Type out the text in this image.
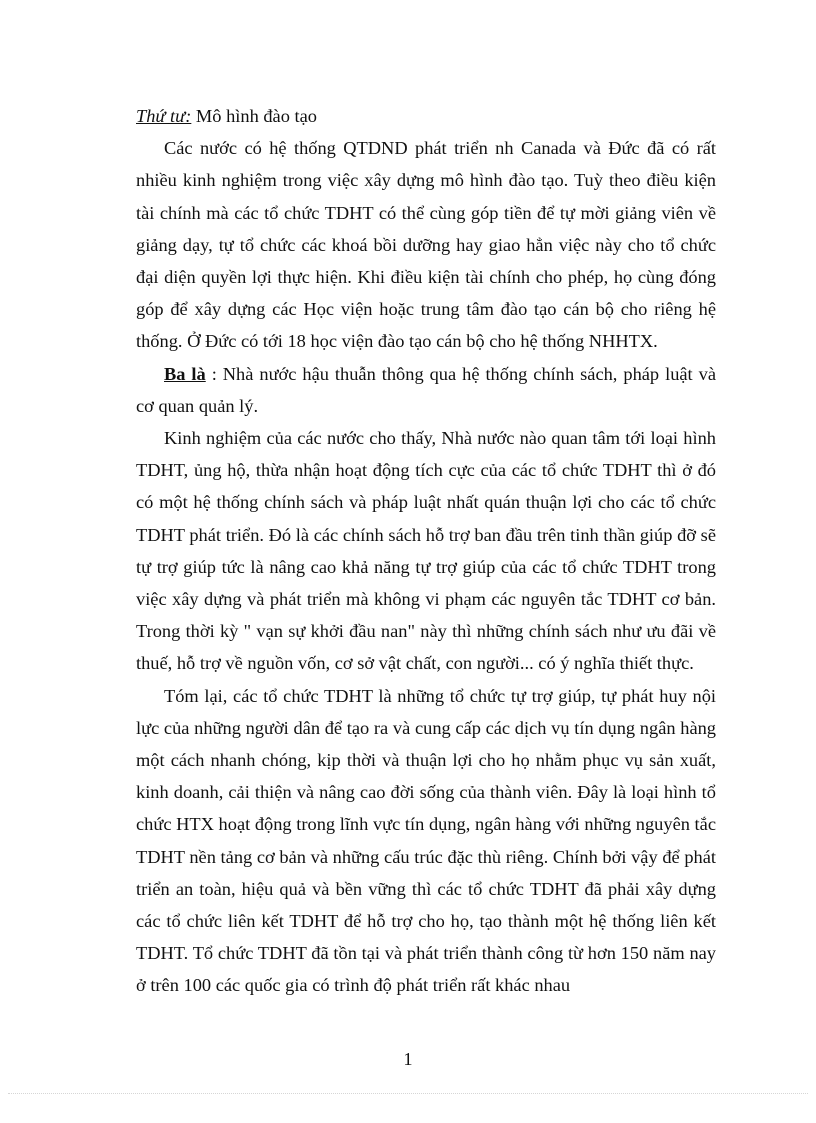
Thứ tư: Mô hình đào tạo

Các nước có hệ thống QTDND phát triển nh Canada và Đức đã có rất nhiều kinh nghiệm trong việc xây dựng mô hình đào tạo. Tuỳ theo điều kiện tài chính mà các tổ chức TDHT có thể cùng góp tiền để tự mời giảng viên về giảng dạy, tự tổ chức các khoá bồi dưỡng hay giao hẳn việc này cho tổ chức đại diện quyền lợi thực hiện. Khi điều kiện tài chính cho phép, họ cùng đóng góp để xây dựng các Học viện hoặc trung tâm đào tạo cán bộ cho riêng hệ thống. Ở Đức có tới 18 học viện đào tạo cán bộ cho hệ thống NHHTX.

Ba là : Nhà nước hậu thuẫn thông qua hệ thống chính sách, pháp luật và cơ quan quản lý.

Kinh nghiệm của các nước cho thấy, Nhà nước nào quan tâm tới loại hình TDHT, ủng hộ, thừa nhận hoạt động tích cực của các tổ chức TDHT thì ở đó có một hệ thống chính sách và pháp luật nhất quán thuận lợi cho các tổ chức TDHT phát triển. Đó là các chính sách hỗ trợ ban đầu trên tinh thần giúp đỡ sẽ tự trợ giúp tức là nâng cao khả năng tự trợ giúp của các tổ chức TDHT trong việc xây dựng và phát triển mà không vi phạm các nguyên tắc TDHT cơ bản. Trong thời kỳ " vạn sự khởi đầu nan" này thì những chính sách như ưu đãi về thuế, hỗ trợ về nguồn vốn, cơ sở vật chất, con người... có ý nghĩa thiết thực.

Tóm lại, các tổ chức TDHT là những tổ chức tự trợ giúp, tự phát huy nội lực của những người dân để tạo ra và cung cấp các dịch vụ tín dụng ngân hàng một cách nhanh chóng, kịp thời và thuận lợi cho họ nhằm phục vụ sản xuất, kinh doanh, cải thiện và nâng cao đời sống của thành viên. Đây là loại hình tổ chức HTX hoạt động trong lĩnh vực tín dụng, ngân hàng với những nguyên tắc TDHT nền tảng cơ bản và những cấu trúc đặc thù riêng. Chính bởi vậy để phát triển an toàn, hiệu quả và bền vững thì các tổ chức TDHT đã phải xây dựng các tổ chức liên kết TDHT để hỗ trợ cho họ, tạo thành một hệ thống liên kết TDHT. Tổ chức TDHT đã tồn tại và phát triển thành công từ hơn 150 năm nay ở trên 100 các quốc gia có trình độ phát triển rất khác nhau

1
